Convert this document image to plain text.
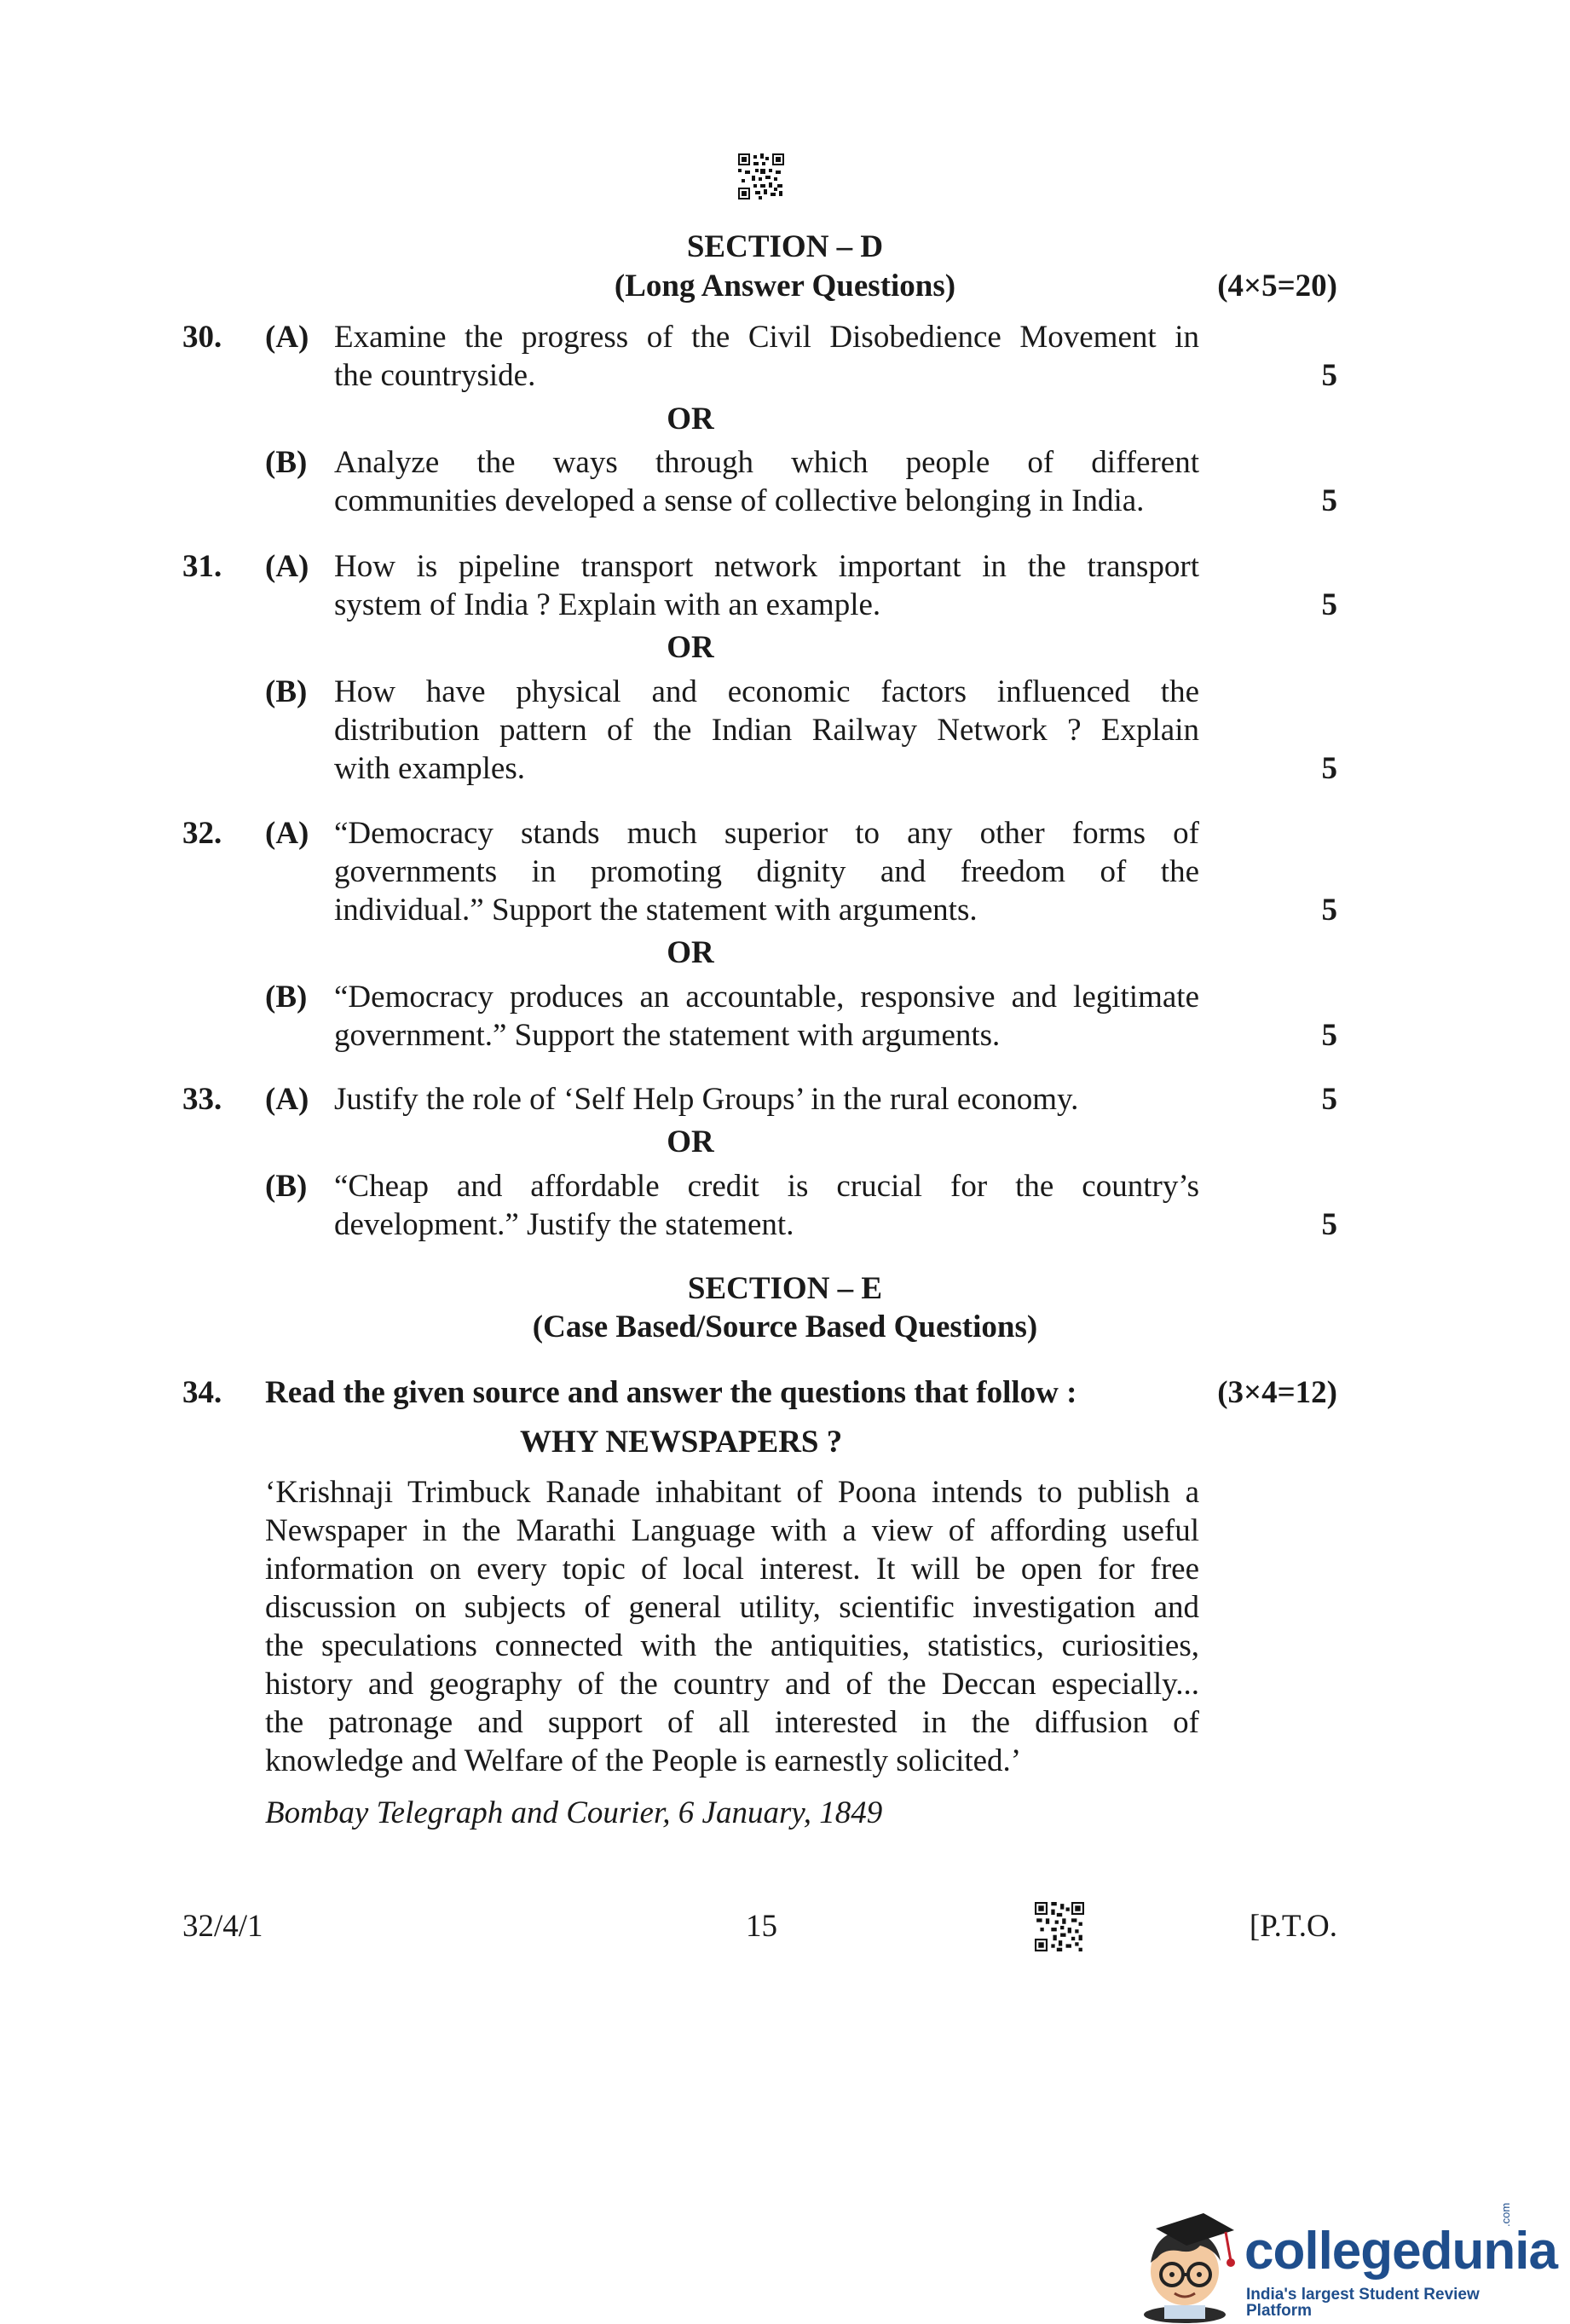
SECTION – D
(Long Answer Questions)	(4×5=20)
30. (A) Examine the progress of the Civil Disobedience Movement in
the countryside.	5
OR
(B) Analyze the ways through which people of different
communities developed a sense of collective belonging in India.	5
31. (A) How is pipeline transport network important in the transport
system of India ? Explain with an example.	5
OR
(B) How have physical and economic factors influenced the
distribution pattern of the Indian Railway Network ? Explain
with examples.	5
32. (A) “Democracy stands much superior to any other forms of
governments in promoting dignity and freedom of the
individual.” Support the statement with arguments.	5
OR
(B) “Democracy produces an accountable, responsive and legitimate
government.” Support the statement with arguments.	5
33. (A) Justify the role of ‘Self Help Groups’ in the rural economy.	5
OR
(B) “Cheap and affordable credit is crucial for the country’s
development.” Justify the statement.	5
SECTION – E
(Case Based/Source Based Questions)
34. Read the given source and answer the questions that follow :	(3×4=12)
WHY NEWSPAPERS ?

‘Krishnaji Trimbuck Ranade inhabitant of Poona intends to publish a

Newspaper in the Marathi Language with a view of affording useful

information on every topic of local interest. It will be open for free

discussion on subjects of general utility, scientific investigation and

the speculations connected with the antiquities, statistics, curiosities,

history and geography of the country and of the Deccan especially...

the patronage and support of all interested in the diffusion of

knowledge and Welfare of the People is earnestly solicited.’

Bombay Telegraph and Courier, 6 January, 1849
32/4/1	15	[P.T.O.
collegedunia
.com
India's largest Student Review Platform
